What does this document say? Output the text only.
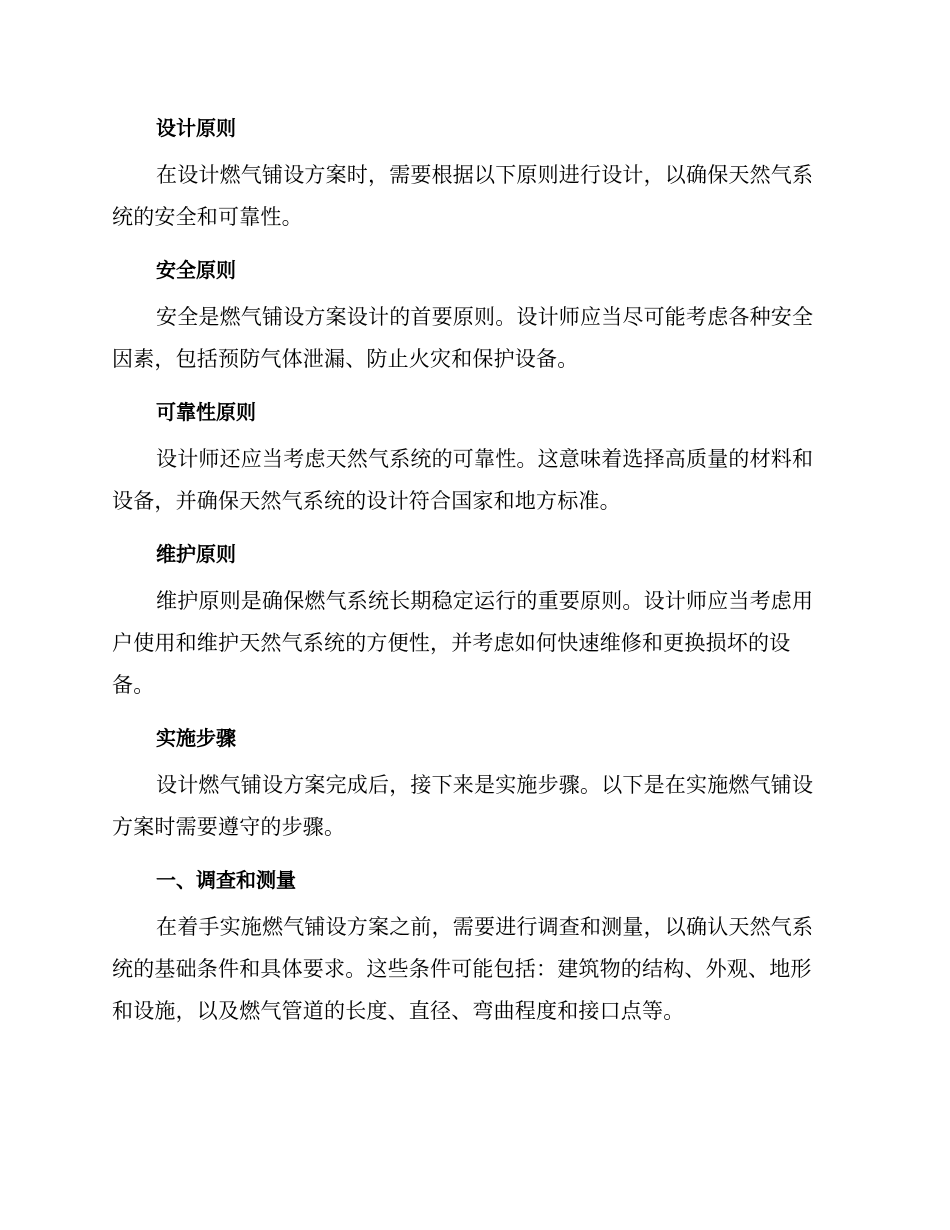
设计原则

在设计燃气铺设方案时，需要根据以下原则进行设计，以确保天然气系统的安全和可靠性。

安全原则

安全是燃气铺设方案设计的首要原则。设计师应当尽可能考虑各种安全因素，包括预防气体泄漏、防止火灾和保护设备。

可靠性原则

设计师还应当考虑天然气系统的可靠性。这意味着选择高质量的材料和设备，并确保天然气系统的设计符合国家和地方标准。

维护原则

维护原则是确保燃气系统长期稳定运行的重要原则。设计师应当考虑用户使用和维护天然气系统的方便性，并考虑如何快速维修和更换损坏的设备。

实施步骤

设计燃气铺设方案完成后，接下来是实施步骤。以下是在实施燃气铺设方案时需要遵守的步骤。

一、调查和测量

在着手实施燃气铺设方案之前，需要进行调查和测量，以确认天然气系统的基础条件和具体要求。这些条件可能包括：建筑物的结构、外观、地形和设施，以及燃气管道的长度、直径、弯曲程度和接口点等。
